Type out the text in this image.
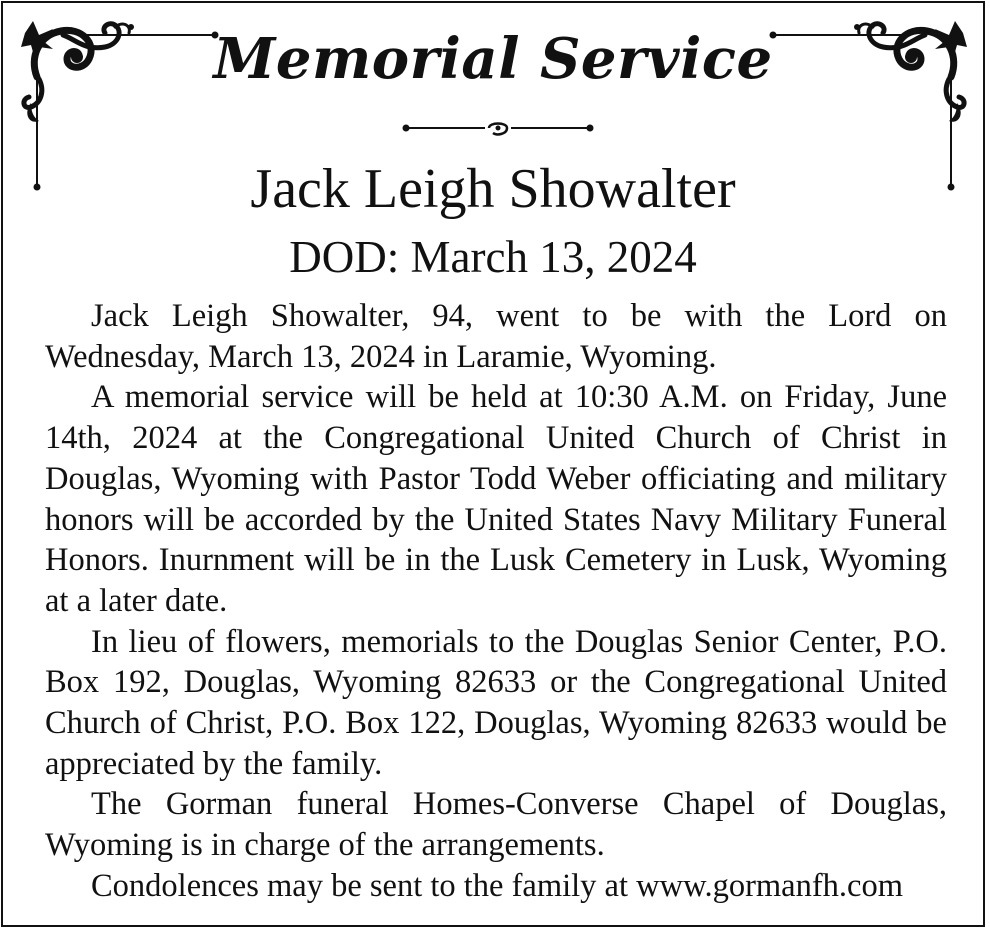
Memorial Service
Jack Leigh Showalter
DOD: March 13, 2024

Jack Leigh Showalter, 94, went to be with the Lord on Wednesday, March 13, 2024 in Laramie, Wyoming.

A memorial service will be held at 10:30 A.M. on Friday, June 14th, 2024 at the Congregational United Church of Christ in Douglas, Wyoming with Pastor Todd Weber officiating and military honors will be accorded by the United States Navy Military Funeral Honors. Inurnment will be in the Lusk Cemetery in Lusk, Wyoming at a later date.

In lieu of flowers, memorials to the Douglas Senior Center, P.O. Box 192, Douglas, Wyoming 82633 or the Congregational United Church of Christ, P.O. Box 122, Douglas, Wyoming 82633 would be appreciated by the family.

The Gorman funeral Homes-Converse Chapel of Douglas, Wyoming is in charge of the arrangements.

Condolences may be sent to the family at www.gormanfh.com
